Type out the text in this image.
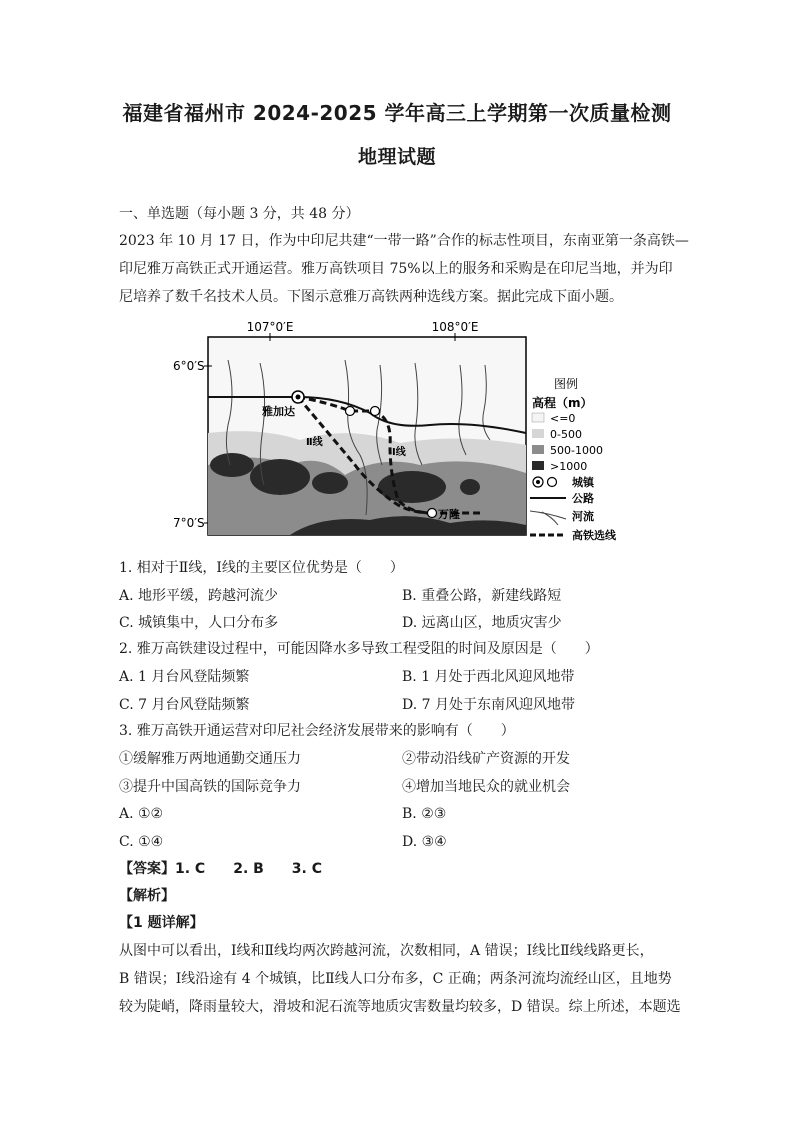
福建省福州市 2024-2025 学年高三上学期第一次质量检测
地理试题
一、单选题（每小题 3 分，共 48 分）
2023 年 10 月 17 日，作为中印尼共建“一带一路”合作的标志性项目，东南亚第一条高铁—
印尼雅万高铁正式开通运营。雅万高铁项目 75%以上的服务和采购是在印尼当地，并为印
尼培养了数千名技术人员。下图示意雅万高铁两种选线方案。据此完成下面小题。
107°0′E	108°0′E
6°0′S
7°0′S
雅加达
万隆
Ⅱ线
Ⅰ线
图例
高程（m）
<=0
0-500
500-1000
>1000
城镇
公路
河流
高铁选线
1. 相对于Ⅱ线，Ⅰ线的主要区位优势是（　　）
A. 地形平缓，跨越河流少	B. 重叠公路，新建线路短
C. 城镇集中，人口分布多	D. 远离山区，地质灾害少
2. 雅万高铁建设过程中，可能因降水多导致工程受阻的时间及原因是（　　）
A. 1 月台风登陆频繁	B. 1 月处于西北风迎风地带
C. 7 月台风登陆频繁	D. 7 月处于东南风迎风地带
3. 雅万高铁开通运营对印尼社会经济发展带来的影响有（　　）
①缓解雅万两地通勤交通压力	②带动沿线矿产资源的开发
③提升中国高铁的国际竞争力	④增加当地民众的就业机会
A. ①②	B. ②③
C. ①④	D. ③④
【答案】1. C　　2. B　　3. C
【解析】
【1 题详解】
从图中可以看出，Ⅰ线和Ⅱ线均两次跨越河流，次数相同，A 错误；Ⅰ线比Ⅱ线线路更长，
B 错误；Ⅰ线沿途有 4 个城镇，比Ⅱ线人口分布多，C 正确；两条河流均流经山区，且地势
较为陡峭，降雨量较大，滑坡和泥石流等地质灾害数量均较多，D 错误。综上所述，本题选
